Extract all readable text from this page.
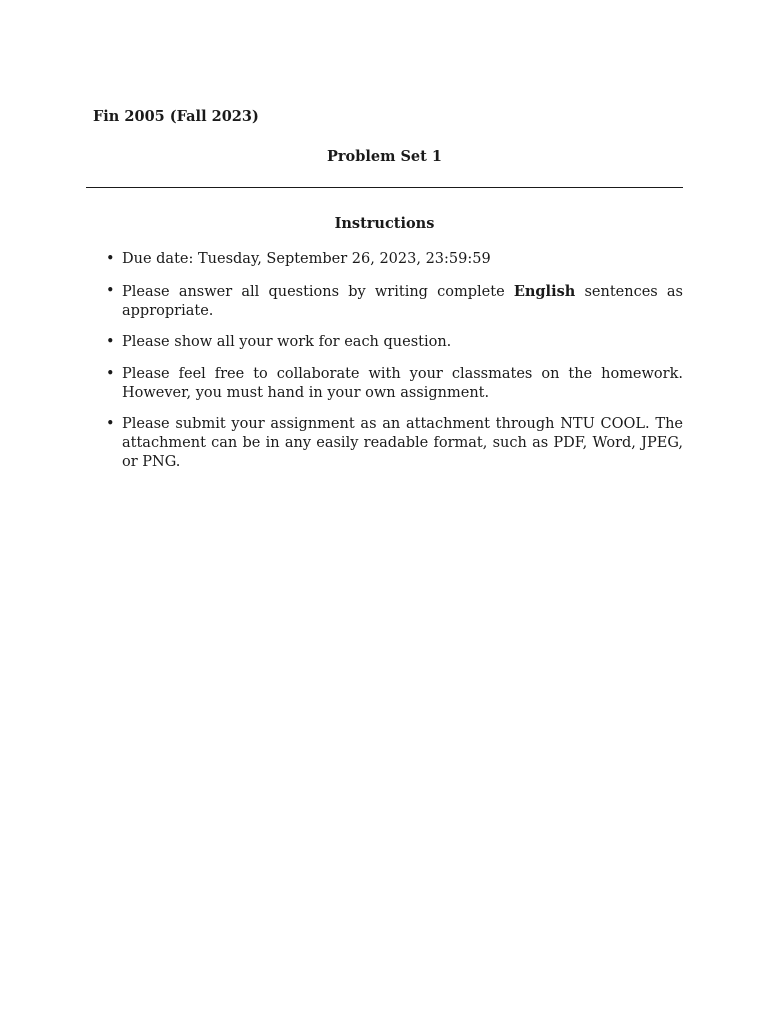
Fin 2005 (Fall 2023)
Problem Set 1
Instructions
• Due date: Tuesday, September 26, 2023, 23:59:59
• Please answer all questions by writing complete English sentences as appropriate.
• Please show all your work for each question.
• Please feel free to collaborate with your classmates on the homework. However, you must hand in your own assignment.
• Please submit your assignment as an attachment through NTU COOL. The attachment can be in any easily readable format, such as PDF, Word, JPEG, or PNG.
